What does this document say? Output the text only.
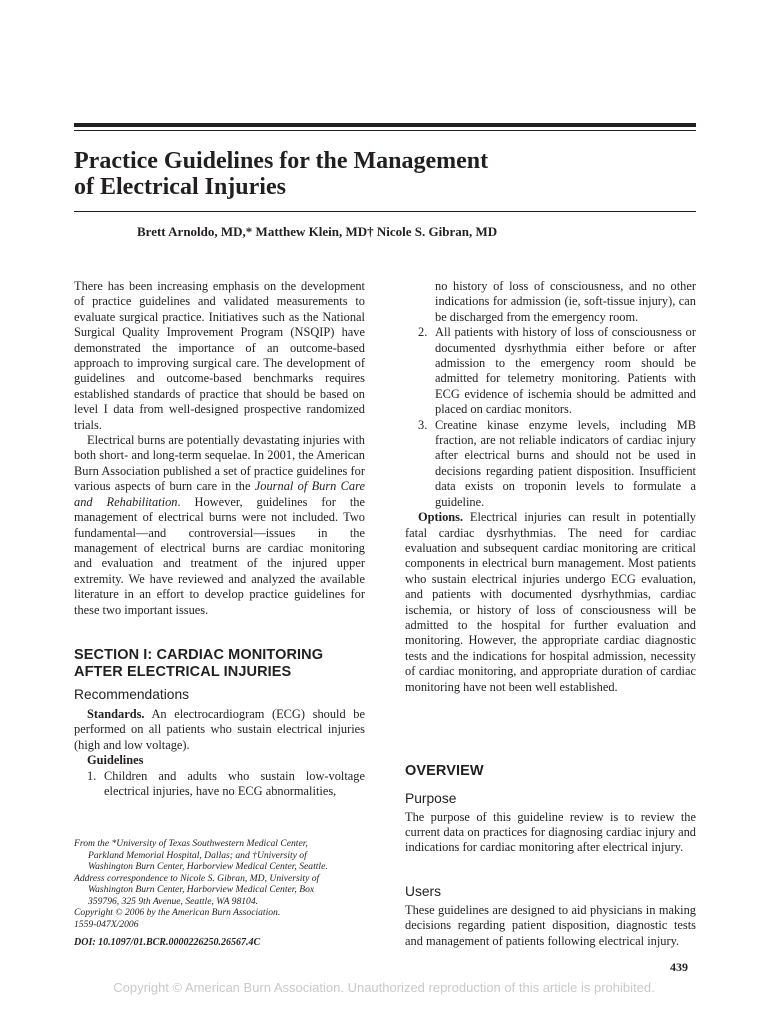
Practice Guidelines for the Management
of Electrical Injuries
Brett Arnoldo, MD,* Matthew Klein, MD† Nicole S. Gibran, MD

There has been increasing emphasis on the development of practice guidelines and validated measurements to evaluate surgical practice. Initiatives such as the National Surgical Quality Improvement Program (NSQIP) have demonstrated the importance of an outcome-based approach to improving surgical care. The development of guidelines and outcome-based benchmarks requires established standards of practice that should be based on level I data from well-designed prospective randomized trials.

Electrical burns are potentially devastating injuries with both short- and long-term sequelae. In 2001, the American Burn Association published a set of practice guidelines for various aspects of burn care in the Journal of Burn Care and Rehabilitation. However, guidelines for the management of electrical burns were not included. Two fundamental—and controversial—issues in the management of electrical burns are cardiac monitoring and evaluation and treatment of the injured upper extremity. We have reviewed and analyzed the available literature in an effort to develop practice guidelines for these two important issues.

SECTION I: CARDIAC MONITORING
AFTER ELECTRICAL INJURIES
Recommendations

Standards. An electrocardiogram (ECG) should be performed on all patients who sustain electrical injuries (high and low voltage).

Guidelines
1. Children and adults who sustain low-voltage electrical injuries, have no ECG abnormalities,
no history of loss of consciousness, and no other indications for admission (ie, soft-tissue injury), can be discharged from the emergency room.
2. All patients with history of loss of consciousness or documented dysrhythmia either before or after admission to the emergency room should be admitted for telemetry monitoring. Patients with ECG evidence of ischemia should be admitted and placed on cardiac monitors.
3. Creatine kinase enzyme levels, including MB fraction, are not reliable indicators of cardiac injury after electrical burns and should not be used in decisions regarding patient disposition. Insufficient data exists on troponin levels to formulate a guideline.

Options. Electrical injuries can result in potentially fatal cardiac dysrhythmias. The need for cardiac evaluation and subsequent cardiac monitoring are critical components in electrical burn management. Most patients who sustain electrical injuries undergo ECG evaluation, and patients with documented dysrhythmias, cardiac ischemia, or history of loss of consciousness will be admitted to the hospital for further evaluation and monitoring. However, the appropriate cardiac diagnostic tests and the indications for hospital admission, necessity of cardiac monitoring, and appropriate duration of cardiac monitoring have not been well established.

OVERVIEW
Purpose

The purpose of this guideline review is to review the current data on practices for diagnosing cardiac injury and indications for cardiac monitoring after electrical injury.

Users

These guidelines are designed to aid physicians in making decisions regarding patient disposition, diagnostic tests and management of patients following electrical injury.

From the *University of Texas Southwestern Medical Center,
Parkland Memorial Hospital, Dallas; and †University of
Washington Burn Center, Harborview Medical Center, Seattle.
Address correspondence to Nicole S. Gibran, MD, University of
Washington Burn Center, Harborview Medical Center, Box
359796, 325 9th Avenue, Seattle, WA 98104.
Copyright © 2006 by the American Burn Association.
1559-047X/2006
DOI: 10.1097/01.BCR.0000226250.26567.4C
439
Copyright © American Burn Association. Unauthorized reproduction of this article is prohibited.
